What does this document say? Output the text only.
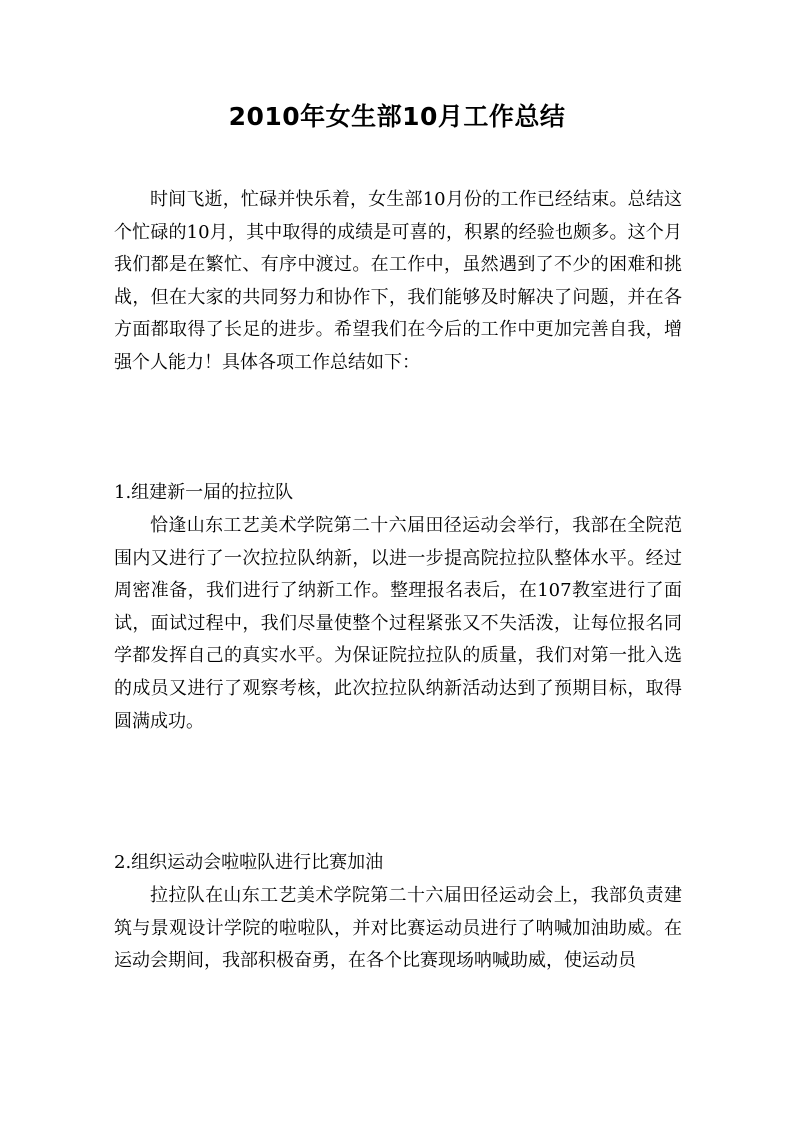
2010年女生部10月工作总结

时间飞逝，忙碌并快乐着，女生部10月份的工作已经结束。总结这个忙碌的10月，其中取得的成绩是可喜的，积累的经验也颇多。这个月我们都是在繁忙、有序中渡过。在工作中，虽然遇到了不少的困难和挑战，但在大家的共同努力和协作下，我们能够及时解决了问题，并在各方面都取得了长足的进步。希望我们在今后的工作中更加完善自我，增强个人能力！具体各项工作总结如下：

1.组建新一届的拉拉队

恰逢山东工艺美术学院第二十六届田径运动会举行，我部在全院范围内又进行了一次拉拉队纳新，以进一步提高院拉拉队整体水平。经过周密准备，我们进行了纳新工作。整理报名表后，在107教室进行了面试，面试过程中，我们尽量使整个过程紧张又不失活泼，让每位报名同学都发挥自己的真实水平。为保证院拉拉队的质量，我们对第一批入选的成员又进行了观察考核，此次拉拉队纳新活动达到了预期目标，取得圆满成功。

2.组织运动会啦啦队进行比赛加油

拉拉队在山东工艺美术学院第二十六届田径运动会上，我部负责建筑与景观设计学院的啦啦队，并对比赛运动员进行了呐喊加油助威。在运动会期间，我部积极奋勇，在各个比赛现场呐喊助威，使运动员
